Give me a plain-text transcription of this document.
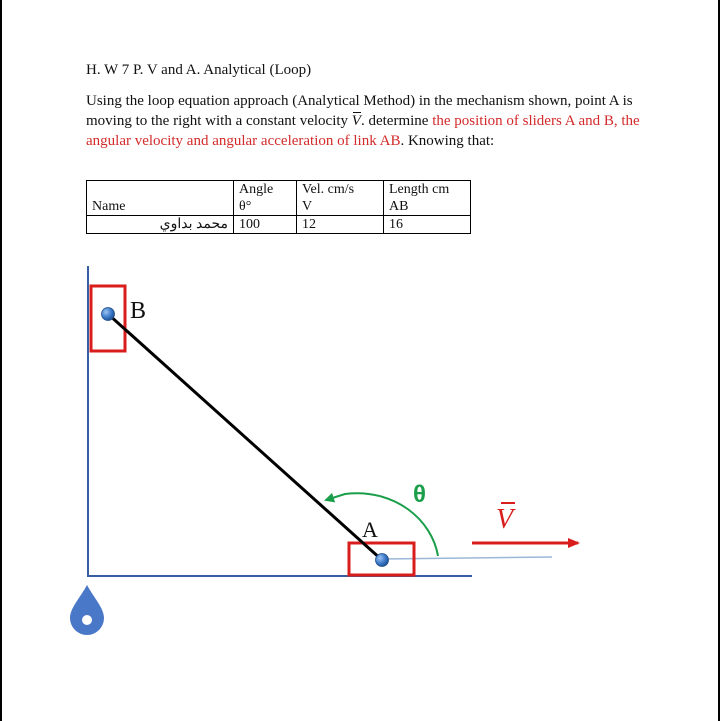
H. W 7 P. V and A. Analytical (Loop)
Using the loop equation approach (Analytical Method) in the mechanism shown, point A is moving to the right with a constant velocity V. determine the position of sliders A and B, the angular velocity and angular acceleration of link AB. Knowing that:
	Angle	Vel. cm/s	Length cm
Name	θ°	V	AB
محمد بداوي	100	12	16
B
A
θ
V
